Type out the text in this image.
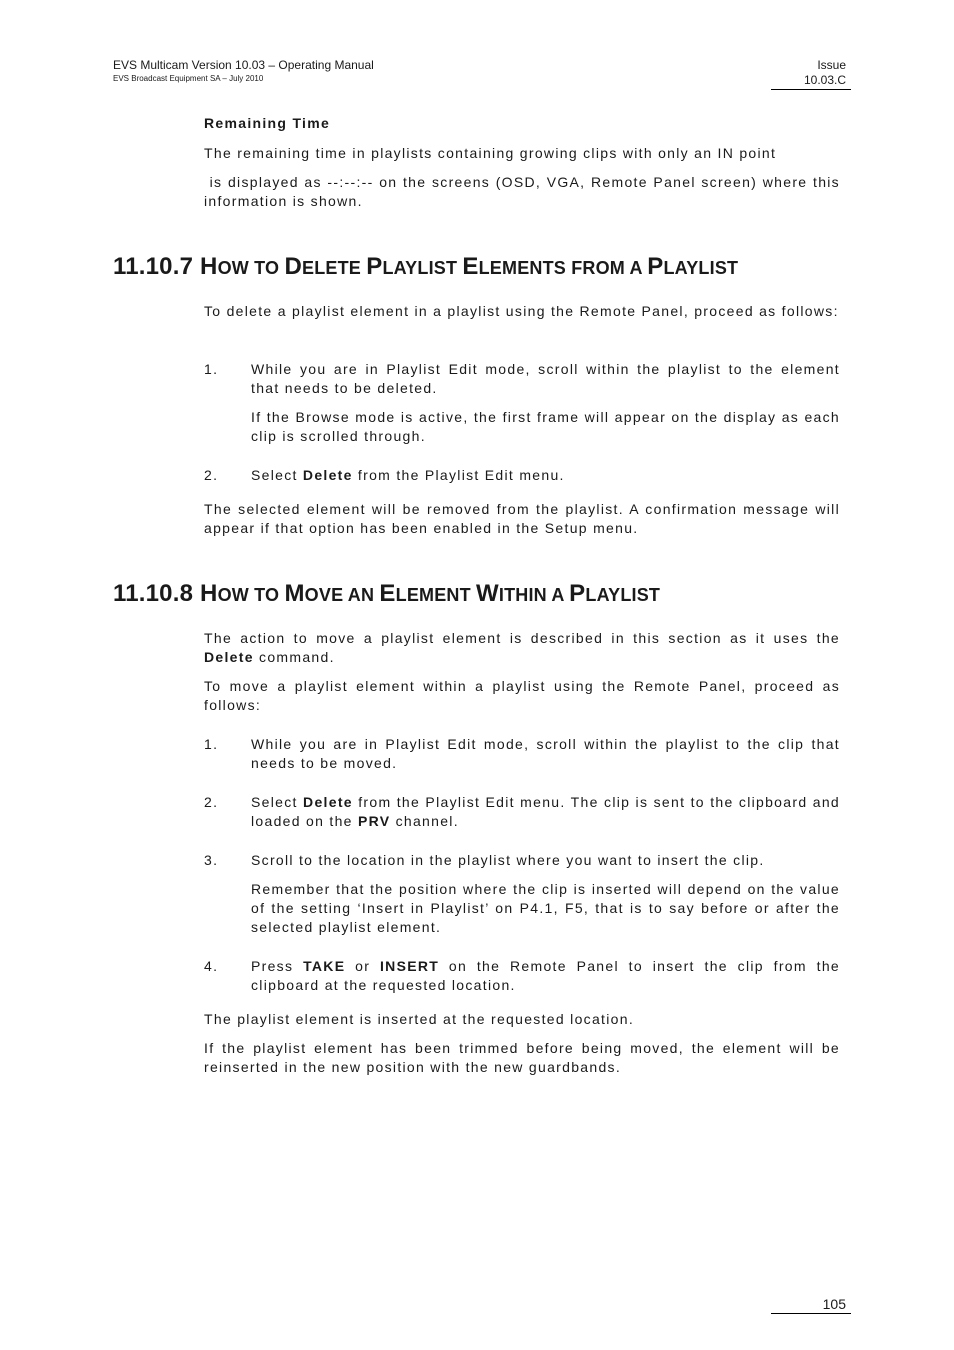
EVS Multicam Version 10.03 – Operating Manual
EVS Broadcast Equipment SA – July 2010
Issue
10.03.C
Remaining Time

The remaining time in playlists containing growing clips with only an IN point

is displayed as --:--:-- on the screens (OSD, VGA, Remote Panel screen) where this information is shown.

11.10.7 HOW TO DELETE PLAYLIST ELEMENTS FROM A PLAYLIST

To delete a playlist element in a playlist using the Remote Panel, proceed as follows:

1. While you are in Playlist Edit mode, scroll within the playlist to the element that needs to be deleted.

If the Browse mode is active, the first frame will appear on the display as each clip is scrolled through.

2. Select Delete from the Playlist Edit menu.

The selected element will be removed from the playlist. A confirmation message will appear if that option has been enabled in the Setup menu.

11.10.8 HOW TO MOVE AN ELEMENT WITHIN A PLAYLIST

The action to move a playlist element is described in this section as it uses the Delete command.

To move a playlist element within a playlist using the Remote Panel, proceed as follows:

1. While you are in Playlist Edit mode, scroll within the playlist to the clip that needs to be moved.

2. Select Delete from the Playlist Edit menu. The clip is sent to the clipboard and loaded on the PRV channel.

3. Scroll to the location in the playlist where you want to insert the clip.

Remember that the position where the clip is inserted will depend on the value of the setting ‘Insert in Playlist’ on P4.1, F5, that is to say before or after the selected playlist element.

4. Press TAKE or INSERT on the Remote Panel to insert the clip from the clipboard at the requested location.

The playlist element is inserted at the requested location.

If the playlist element has been trimmed before being moved, the element will be reinserted in the new position with the new guardbands.

105
